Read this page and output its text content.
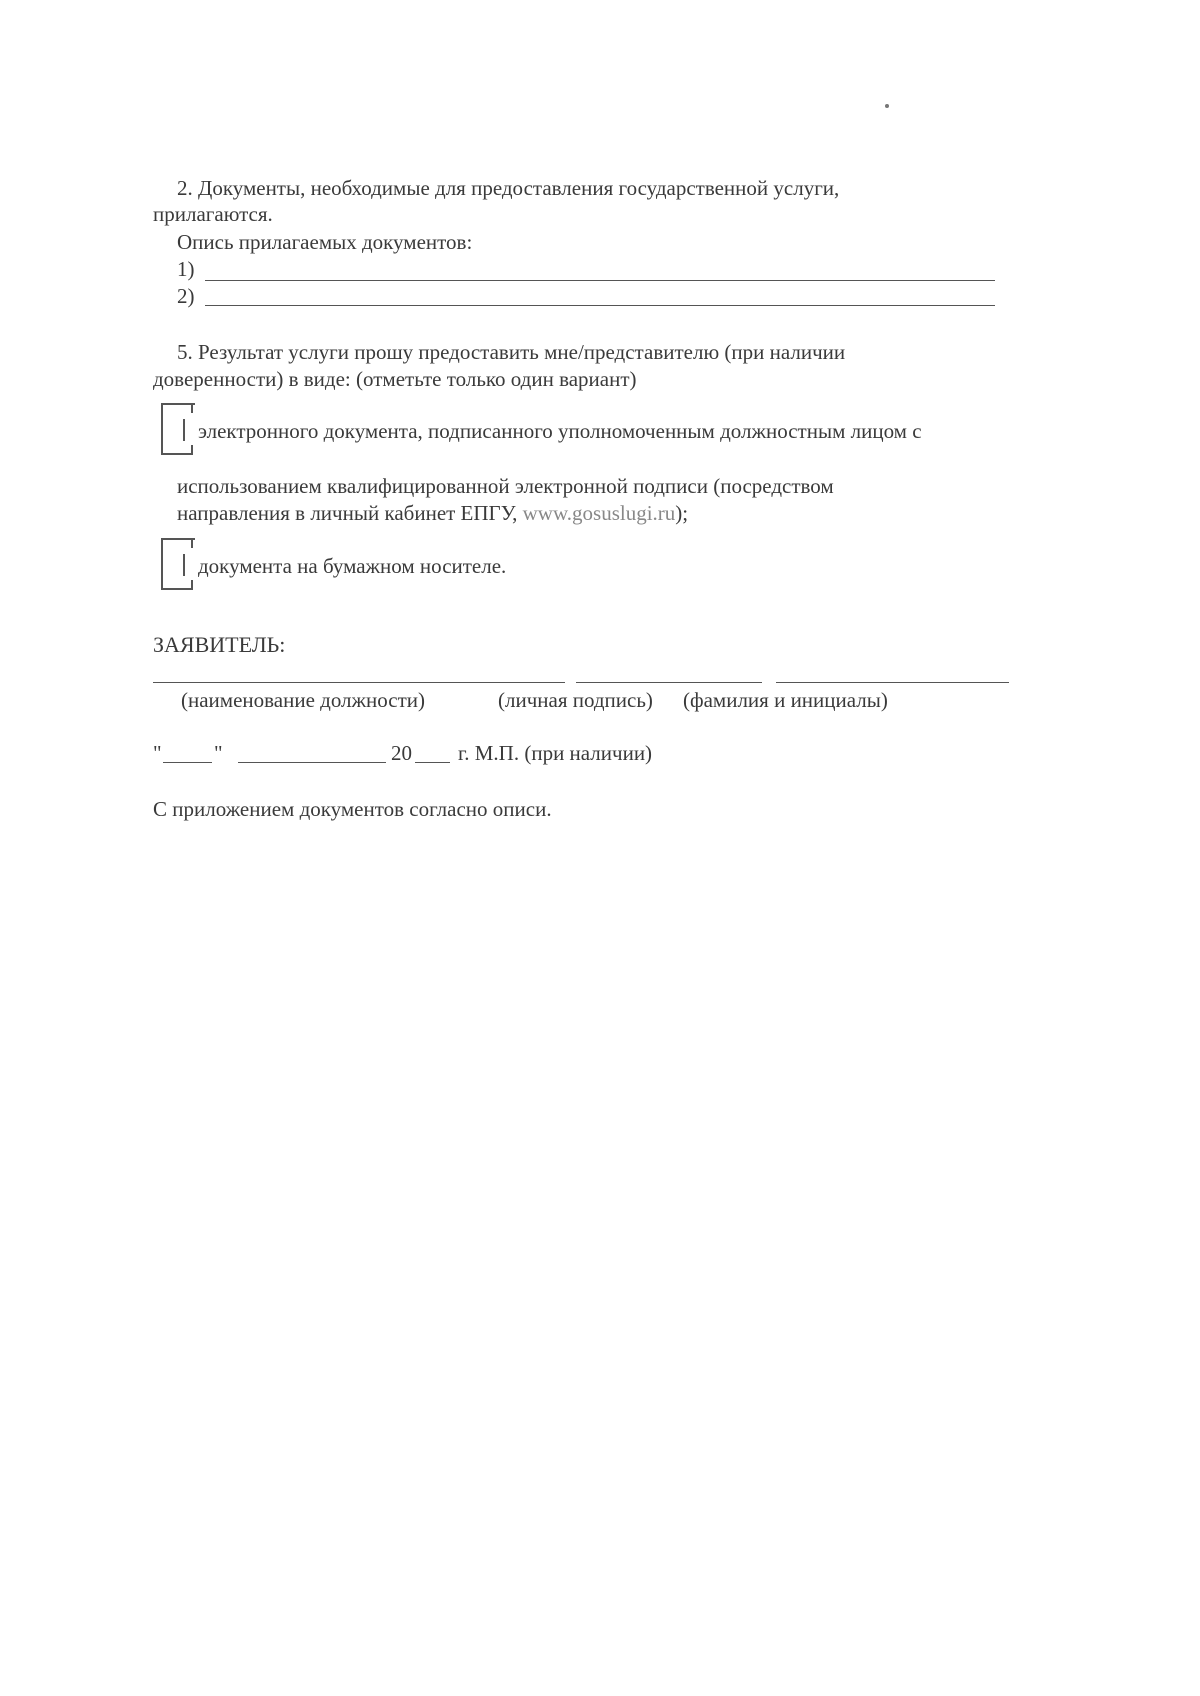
2. Документы, необходимые для предоставления государственной услуги,
прилагаются.
Опись прилагаемых документов:
1)
2)
5. Результат услуги прошу предоставить мне/представителю (при наличии
доверенности) в виде: (отметьте только один вариант)
электронного документа, подписанного уполномоченным должностным лицом с
использованием квалифицированной электронной подписи (посредством
направления в личный кабинет ЕПГУ, www.gosuslugi.ru);
документа на бумажном носителе.
ЗАЯВИТЕЛЬ:
(наименование должности)	(личная подпись) (фамилия и инициалы)
" "	20 г. М.П. (при наличии)
С приложением документов согласно описи.
